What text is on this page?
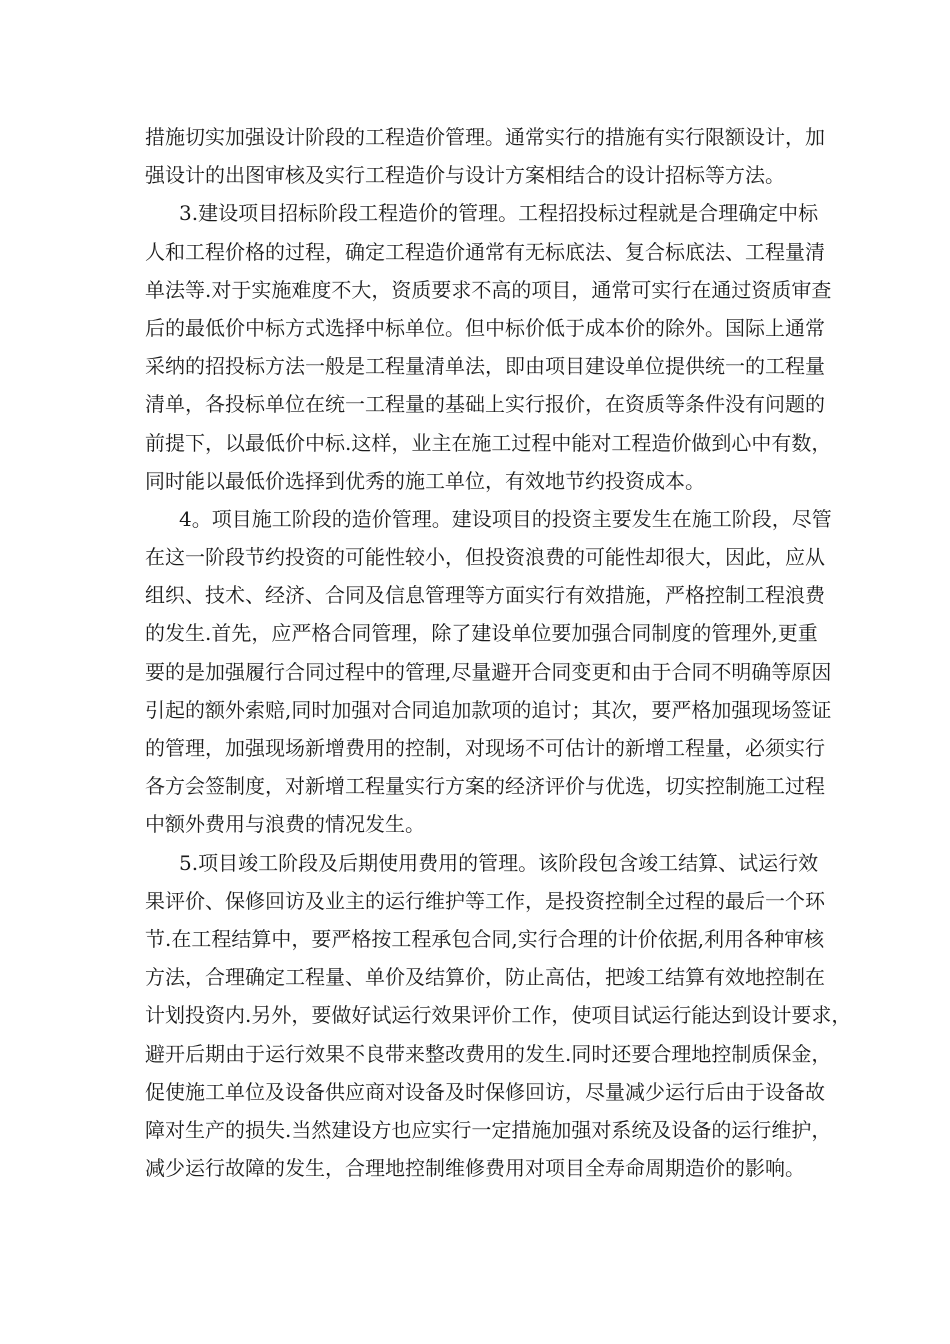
措施切实加强设计阶段的工程造价管理。通常实行的措施有实行限额设计，加
强设计的出图审核及实行工程造价与设计方案相结合的设计招标等方法。
3.建设项目招标阶段工程造价的管理。工程招投标过程就是合理确定中标
人和工程价格的过程，确定工程造价通常有无标底法、复合标底法、工程量清
单法等.对于实施难度不大，资质要求不高的项目，通常可实行在通过资质审查
后的最低价中标方式选择中标单位。但中标价低于成本价的除外。国际上通常
采纳的招投标方法一般是工程量清单法，即由项目建设单位提供统一的工程量
清单，各投标单位在统一工程量的基础上实行报价，在资质等条件没有问题的
前提下，以最低价中标.这样，业主在施工过程中能对工程造价做到心中有数，
同时能以最低价选择到优秀的施工单位，有效地节约投资成本。
4。项目施工阶段的造价管理。建设项目的投资主要发生在施工阶段，尽管
在这一阶段节约投资的可能性较小，但投资浪费的可能性却很大，因此，应从
组织、技术、经济、合同及信息管理等方面实行有效措施，严格控制工程浪费
的发生.首先，应严格合同管理，除了建设单位要加强合同制度的管理外,更重
要的是加强履行合同过程中的管理,尽量避开合同变更和由于合同不明确等原因
引起的额外索赔,同时加强对合同追加款项的追讨；其次，要严格加强现场签证
的管理，加强现场新增费用的控制，对现场不可估计的新增工程量，必须实行
各方会签制度，对新增工程量实行方案的经济评价与优选，切实控制施工过程
中额外费用与浪费的情况发生。
5.项目竣工阶段及后期使用费用的管理。该阶段包含竣工结算、试运行效
果评价、保修回访及业主的运行维护等工作，是投资控制全过程的最后一个环
节.在工程结算中，要严格按工程承包合同,实行合理的计价依据,利用各种审核
方法，合理确定工程量、单价及结算价，防止高估，把竣工结算有效地控制在
计划投资内.另外，要做好试运行效果评价工作，使项目试运行能达到设计要求，
避开后期由于运行效果不良带来整改费用的发生.同时还要合理地控制质保金，
促使施工单位及设备供应商对设备及时保修回访，尽量减少运行后由于设备故
障对生产的损失.当然建设方也应实行一定措施加强对系统及设备的运行维护，
减少运行故障的发生，合理地控制维修费用对项目全寿命周期造价的影响。
